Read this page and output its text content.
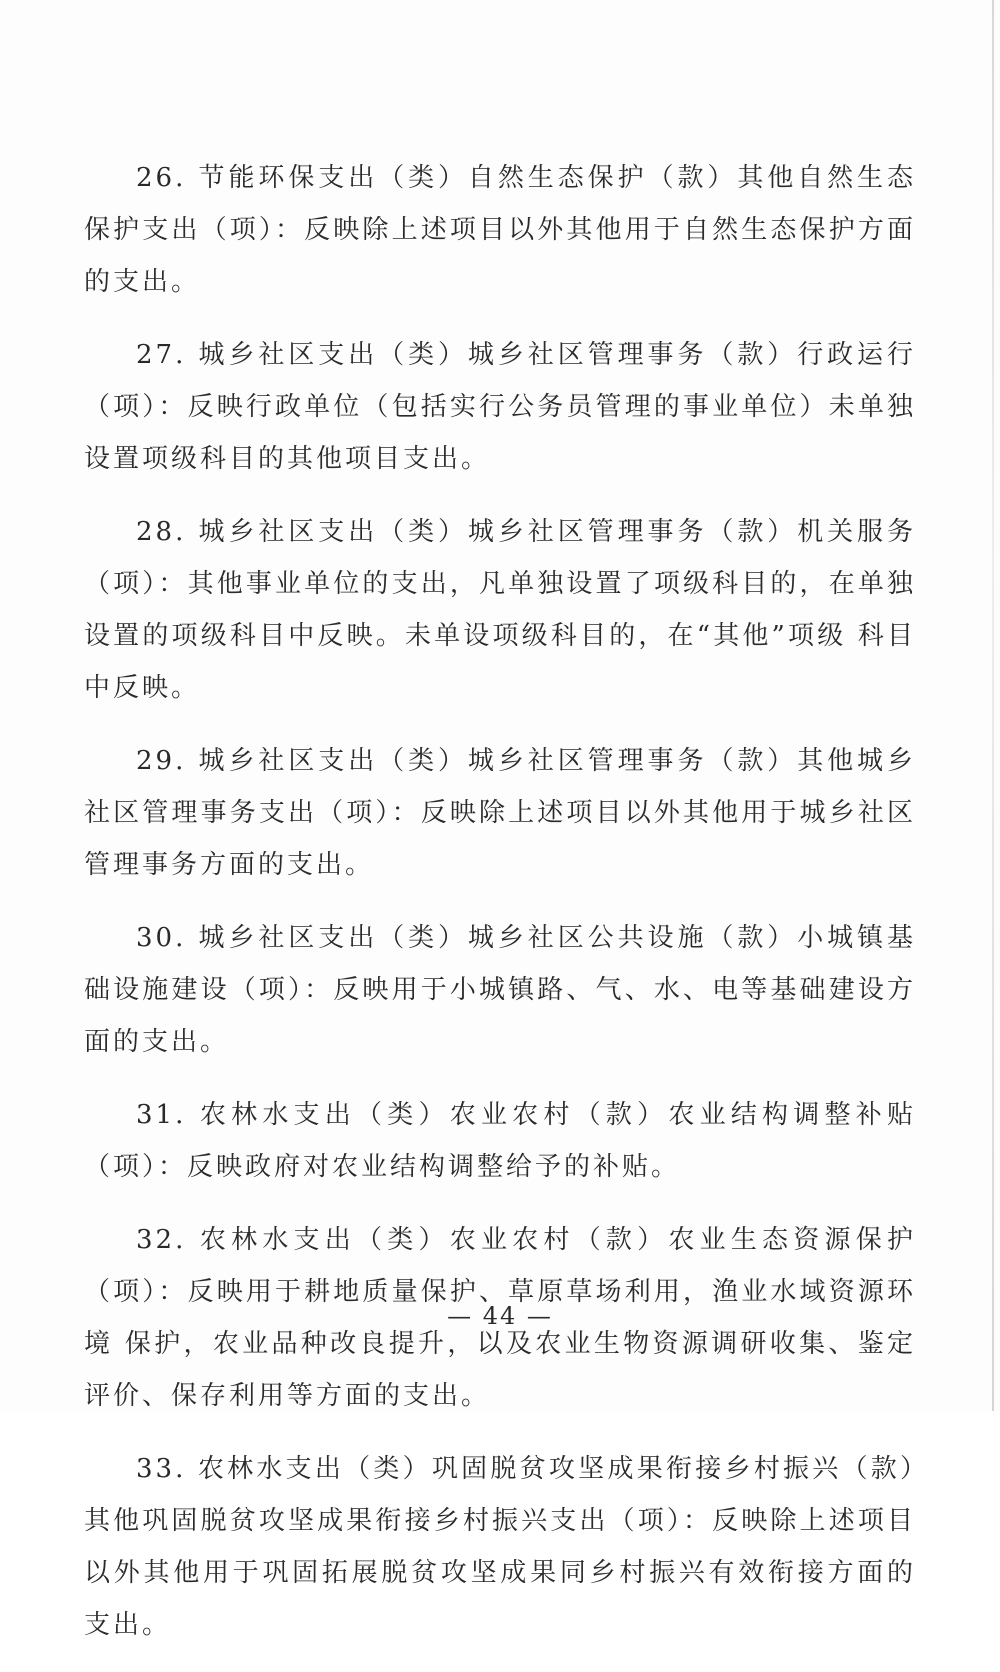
26. 节能环保支出（类）自然生态保护（款）其他自然生态保护支出（项）：反映除上述项目以外其他用于自然生态保护方面的支出。

27. 城乡社区支出（类）城乡社区管理事务（款）行政运行（项）：反映行政单位（包括实行公务员管理的事业单位）未单独 设置项级科目的其他项目支出。

28. 城乡社区支出（类）城乡社区管理事务（款）机关服务（项）：其他事业单位的支出，凡单独设置了项级科目的，在单独 设置的项级科目中反映。未单设项级科目的，在“其他”项级 科目中反映。

29. 城乡社区支出（类）城乡社区管理事务（款）其他城乡社区管理事务支出（项）：反映除上述项目以外其他用于城乡社区管理事务方面的支出。

30. 城乡社区支出（类）城乡社区公共设施（款）小城镇基础设施建设（项）：反映用于小城镇路、气、水、电等基础建设方面的支出。

31. 农林水支出（类）农业农村（款）农业结构调整补贴（项）：反映政府对农业结构调整给予的补贴。

32. 农林水支出（类）农业农村（款）农业生态资源保护（项）：反映用于耕地质量保护、草原草场利用，渔业水域资源环境 保护，农业品种改良提升，以及农业生物资源调研收集、鉴定 评价、保存利用等方面的支出。

33. 农林水支出（类）巩固脱贫攻坚成果衔接乡村振兴（款）其他巩固脱贫攻坚成果衔接乡村振兴支出（项）：反映除上述项目以外其他用于巩固拓展脱贫攻坚成果同乡村振兴有效衔接方面的支出。

— 44 —
